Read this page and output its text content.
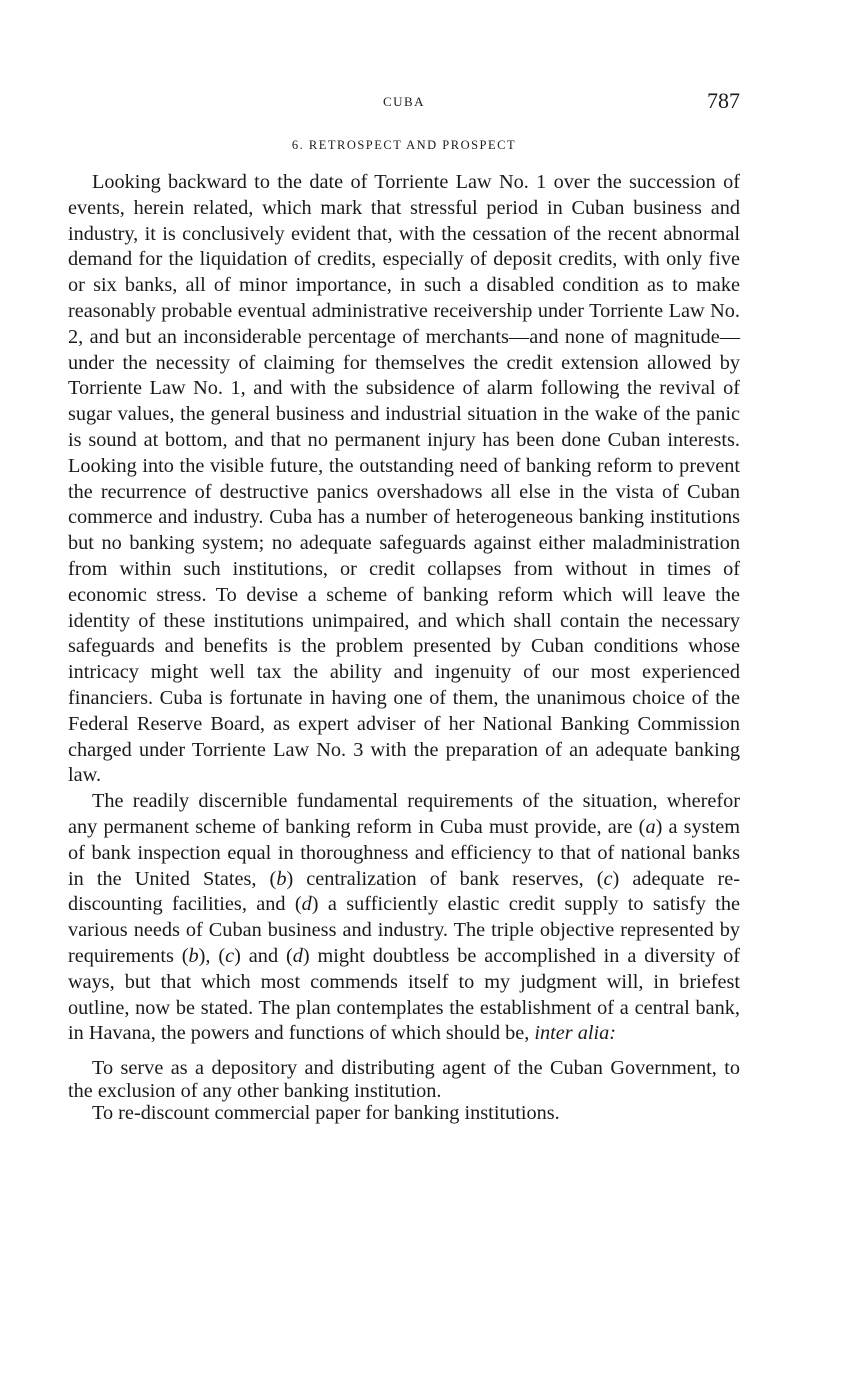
CUBA	787
6. RETROSPECT AND PROSPECT

Looking backward to the date of Torriente Law No. 1 over the succession of events, herein related, which mark that stressful period in Cuban business and industry, it is conclusively evident that, with the cessation of the recent abnormal demand for the liquidation of credits, especially of deposit credits, with only five or six banks, all of minor importance, in such a disabled condition as to make reasonably probable eventual administrative receivership under Torriente Law No. 2, and but an inconsiderable percentage of merchants—and none of magnitude—under the necessity of claiming for themselves the credit extension allowed by Torriente Law No. 1, and with the subsidence of alarm following the revival of sugar values, the general business and industrial situation in the wake of the panic is sound at bottom, and that no permanent injury has been done Cuban interests. Looking into the visible future, the outstanding need of banking reform to prevent the recurrence of destructive panics overshadows all else in the vista of Cuban commerce and industry. Cuba has a number of heterogeneous banking institutions but no banking system; no adequate safeguards against either maladministration from within such institutions, or credit collapses from without in times of economic stress. To devise a scheme of banking reform which will leave the identity of these institutions unimpaired, and which shall contain the necessary safeguards and benefits is the problem presented by Cuban conditions whose intricacy might well tax the ability and ingenuity of our most experienced financiers. Cuba is fortunate in having one of them, the unanimous choice of the Federal Reserve Board, as expert adviser of her National Banking Commission charged under Torriente Law No. 3 with the preparation of an adequate banking law.

The readily discernible fundamental requirements of the situation, wherefor any permanent scheme of banking reform in Cuba must provide, are (a) a system of bank inspection equal in thoroughness and efficiency to that of national banks in the United States, (b) centralization of bank reserves, (c) adequate re-discounting facilities, and (d) a sufficiently elastic credit supply to satisfy the various needs of Cuban business and industry. The triple objective represented by requirements (b), (c) and (d) might doubtless be accomplished in a diversity of ways, but that which most commends itself to my judgment will, in briefest outline, now be stated. The plan contemplates the establishment of a central bank, in Havana, the powers and functions of which should be, inter alia:

To serve as a depository and distributing agent of the Cuban Government, to the exclusion of any other banking institution.

To re-discount commercial paper for banking institutions.
